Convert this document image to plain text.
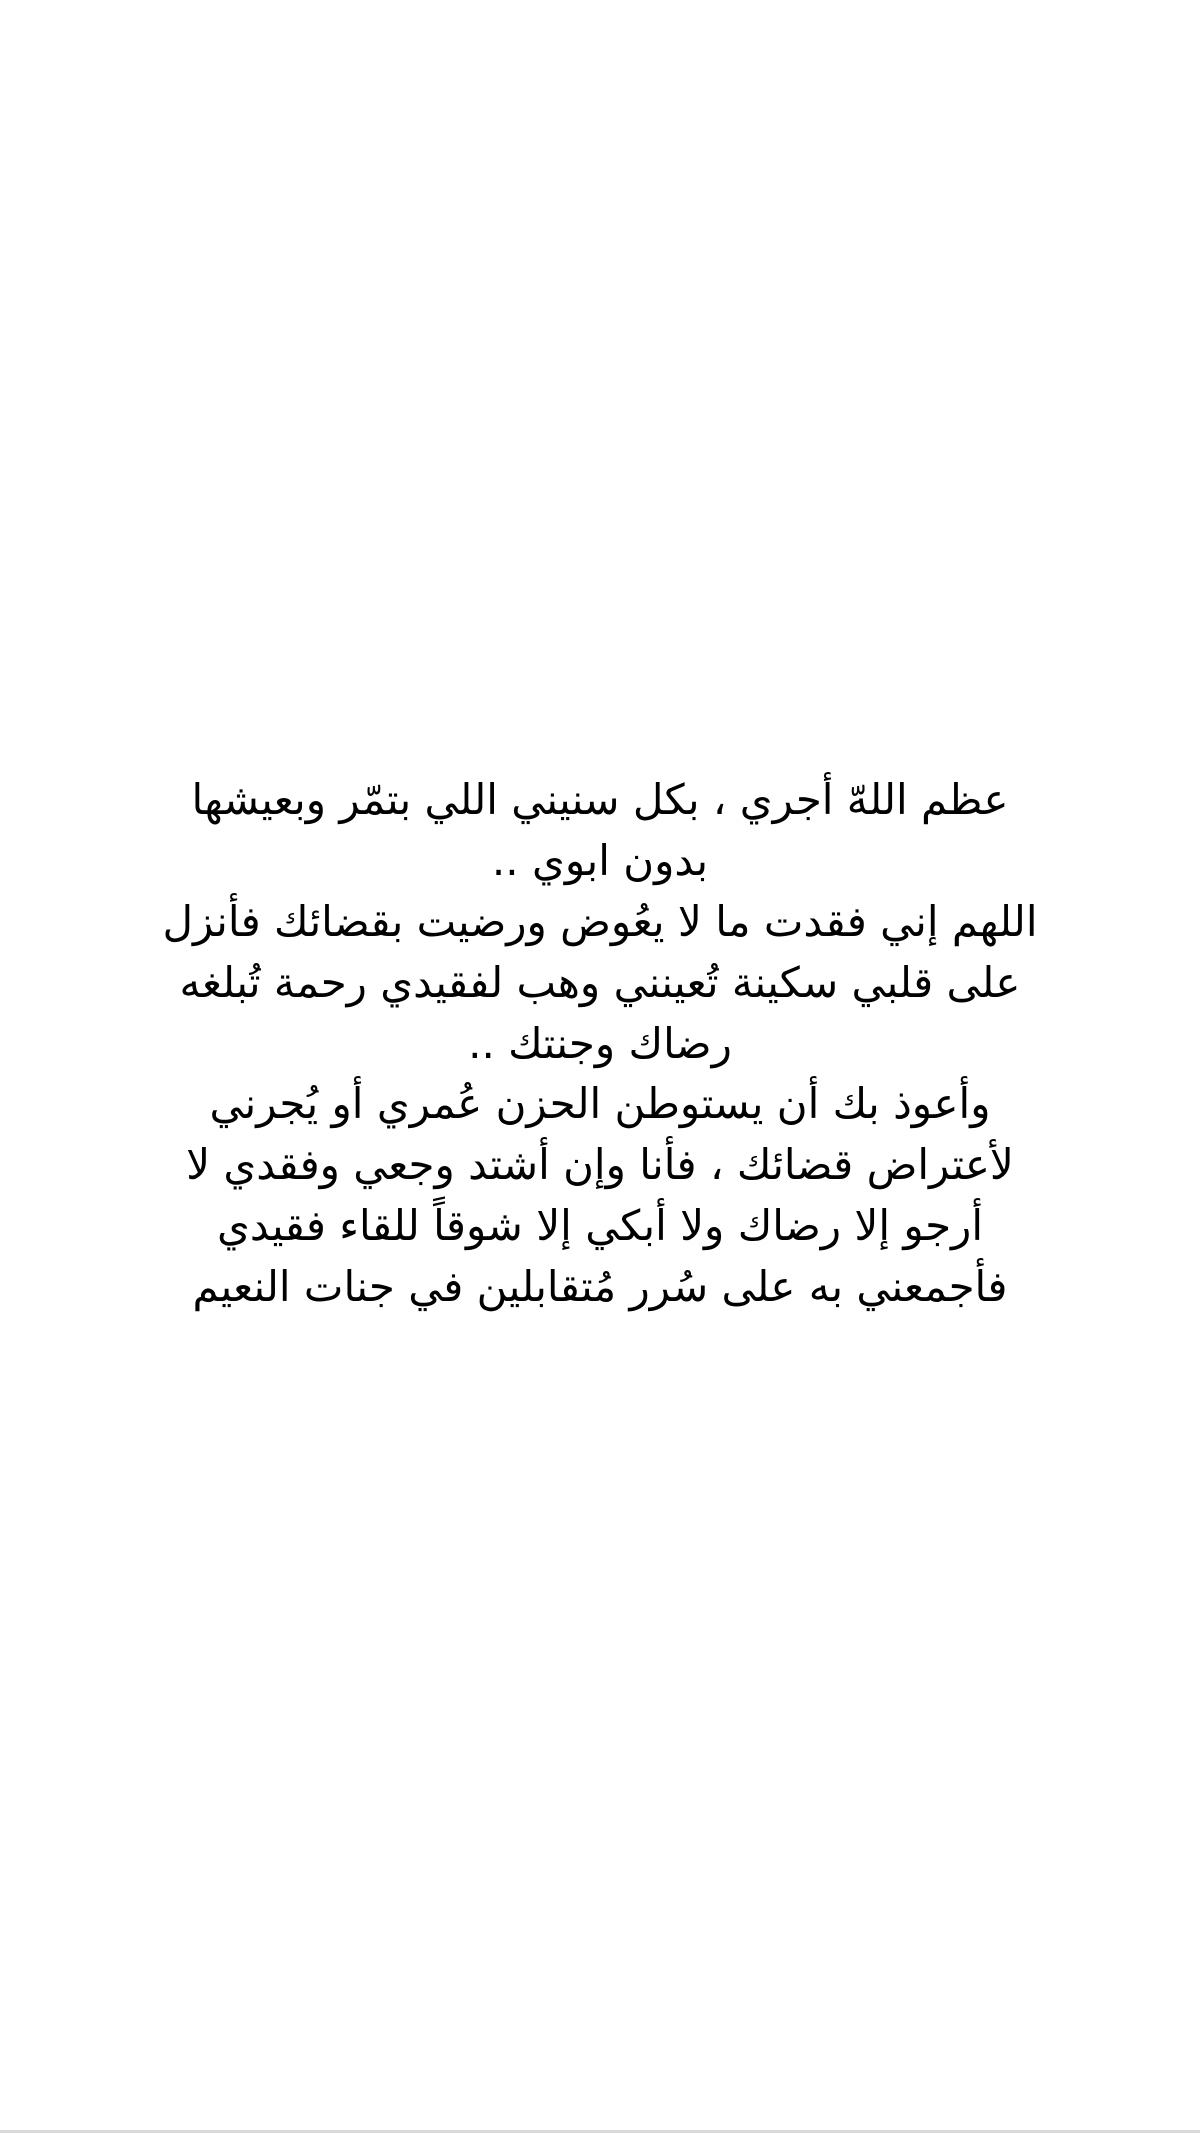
عظم اللهّ أجري ، بكل سنيني اللي بتمّر وبعيشها
بدون ابوي ..
اللهم إني فقدت ما لا يعُوض ورضيت بقضائك فأنزل
على قلبي سكينة تُعينني وهب لفقيدي رحمة تُبلغه
رضاك وجنتك ..
وأعوذ بك أن يستوطن الحزن عُمري أو يُجرني
لأعتراض قضائك ، فأنا وإن أشتد وجعي وفقدي لا
أرجو إلا رضاك ولا أبكي إلا شوقاً للقاء فقيدي
فأجمعني به على سُرر مُتقابلين في جنات النعيم
